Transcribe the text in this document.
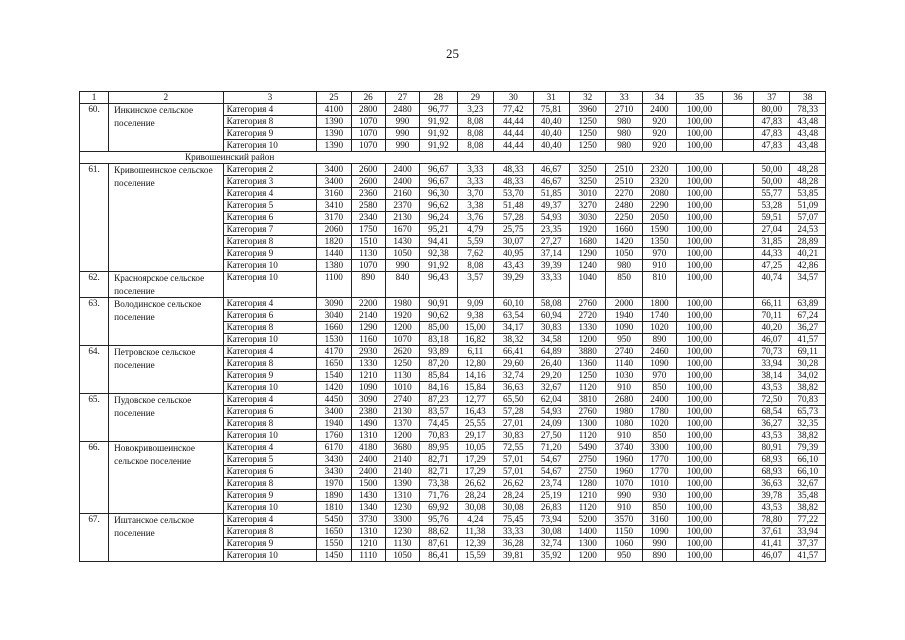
25
1	2	3	25	26	27	28	29	30	31	32	33	34	35	36	37	38
60.	Инкинское сельское поселение	Категория 4	4100	2800	2480	96,77	3,23	77,42	75,81	3960	2710	2400	100,00		80,00	78,33
		Категория 8	1390	1070	990	91,92	8,08	44,44	40,40	1250	980	920	100,00		47,83	43,48
		Категория 9	1390	1070	990	91,92	8,08	44,44	40,40	1250	980	920	100,00		47,83	43,48
		Категория 10	1390	1070	990	91,92	8,08	44,44	40,40	1250	980	920	100,00		47,83	43,48
Кривошеинский район																
61.	Кривошеинское сельское поселение	Категория 2	3400	2600	2400	96,67	3,33	48,33	46,67	3250	2510	2320	100,00		50,00	48,28
		Категория 3	3400	2600	2400	96,67	3,33	48,33	46,67	3250	2510	2320	100,00		50,00	48,28
		Категория 4	3160	2360	2160	96,30	3,70	53,70	51,85	3010	2270	2080	100,00		55,77	53,85
		Категория 5	3410	2580	2370	96,62	3,38	51,48	49,37	3270	2480	2290	100,00		53,28	51,09
		Категория 6	3170	2340	2130	96,24	3,76	57,28	54,93	3030	2250	2050	100,00		59,51	57,07
		Категория 7	2060	1750	1670	95,21	4,79	25,75	23,35	1920	1660	1590	100,00		27,04	24,53
		Категория 8	1820	1510	1430	94,41	5,59	30,07	27,27	1680	1420	1350	100,00		31,85	28,89
		Категория 9	1440	1130	1050	92,38	7,62	40,95	37,14	1290	1050	970	100,00		44,33	40,21
		Категория 10	1380	1070	990	91,92	8,08	43,43	39,39	1240	980	910	100,00		47,25	42,86
62.	Красноярское сельское поселение	Категория 10	1100	890	840	96,43	3,57	39,29	33,33	1040	850	810	100,00		40,74	34,57
63.	Володинское сельское поселение	Категория 4	3090	2200	1980	90,91	9,09	60,10	58,08	2760	2000	1800	100,00		66,11	63,89
		Категория 6	3040	2140	1920	90,62	9,38	63,54	60,94	2720	1940	1740	100,00		70,11	67,24
		Категория 8	1660	1290	1200	85,00	15,00	34,17	30,83	1330	1090	1020	100,00		40,20	36,27
		Категория 10	1530	1160	1070	83,18	16,82	38,32	34,58	1200	950	890	100,00		46,07	41,57
64.	Петровское сельское поселение	Категория 4	4170	2930	2620	93,89	6,11	66,41	64,89	3880	2740	2460	100,00		70,73	69,11
		Категория 8	1650	1330	1250	87,20	12,80	29,60	26,40	1360	1140	1090	100,00		33,94	30,28
		Категория 9	1540	1210	1130	85,84	14,16	32,74	29,20	1250	1030	970	100,00		38,14	34,02
		Категория 10	1420	1090	1010	84,16	15,84	36,63	32,67	1120	910	850	100,00		43,53	38,82
65.	Пудовское сельское поселение	Категория 4	4450	3090	2740	87,23	12,77	65,50	62,04	3810	2680	2400	100,00		72,50	70,83
		Категория 6	3400	2380	2130	83,57	16,43	57,28	54,93	2760	1980	1780	100,00		68,54	65,73
		Категория 8	1940	1490	1370	74,45	25,55	27,01	24,09	1300	1080	1020	100,00		36,27	32,35
		Категория 10	1760	1310	1200	70,83	29,17	30,83	27,50	1120	910	850	100,00		43,53	38,82
66.	Новокривошеинское сельское поселение	Категория 4	6170	4180	3680	89,95	10,05	72,55	71,20	5490	3740	3300	100,00		80,91	79,39
		Категория 5	3430	2400	2140	82,71	17,29	57,01	54,67	2750	1960	1770	100,00		68,93	66,10
		Категория 6	3430	2400	2140	82,71	17,29	57,01	54,67	2750	1960	1770	100,00		68,93	66,10
		Категория 8	1970	1500	1390	73,38	26,62	26,62	23,74	1280	1070	1010	100,00		36,63	32,67
		Категория 9	1890	1430	1310	71,76	28,24	28,24	25,19	1210	990	930	100,00		39,78	35,48
		Категория 10	1810	1340	1230	69,92	30,08	30,08	26,83	1120	910	850	100,00		43,53	38,82
67.	Иштанское сельское поселение	Категория 4	5450	3730	3300	95,76	4,24	75,45	73,94	5200	3570	3160	100,00		78,80	77,22
		Категория 8	1650	1310	1230	88,62	11,38	33,33	30,08	1400	1150	1090	100,00		37,61	33,94
		Категория 9	1550	1210	1130	87,61	12,39	36,28	32,74	1300	1060	990	100,00		41,41	37,37
		Категория 10	1450	1110	1050	86,41	15,59	39,81	35,92	1200	950	890	100,00		46,07	41,57
